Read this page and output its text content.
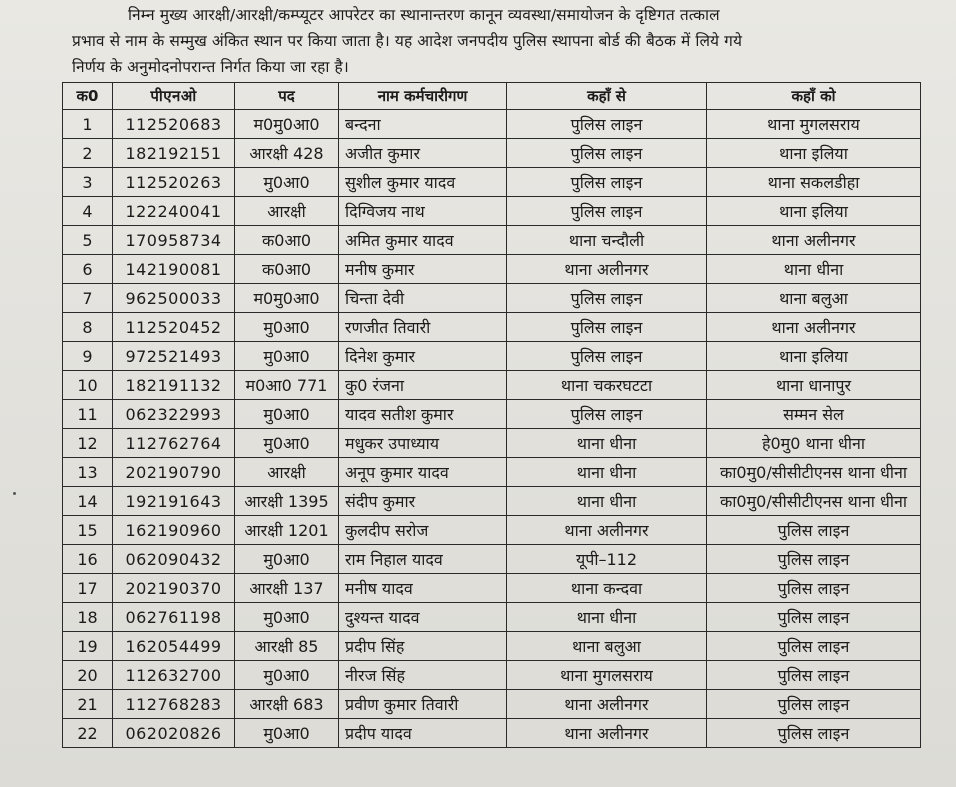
निम्न मुख्य आरक्षी/आरक्षी/कम्प्यूटर आपरेटर का स्थानान्तरण कानून व्यवस्था/समायोजन के दृष्टिगत तत्काल

प्रभाव से नाम के सम्मुख अंकित स्थान पर किया जाता है। यह आदेश जनपदीय पुलिस स्थापना बोर्ड की बैठक में लिये गये

निर्णय के अनुमोदनोपरान्त निर्गत किया जा रहा है।

क0	पीएनओ	पद	नाम कर्मचारीगण	कहाँ से	कहाँ को
1	112520683	म0मु0आ0	बन्दना	पुलिस लाइन	थाना मुगलसराय
2	182192151	आरक्षी 428	अजीत कुमार	पुलिस लाइन	थाना इलिया
3	112520263	मु0आ0	सुशील कुमार यादव	पुलिस लाइन	थाना सकलडीहा
4	122240041	आरक्षी	दिग्विजय नाथ	पुलिस लाइन	थाना इलिया
5	170958734	क0आ0	अमित कुमार यादव	थाना चन्दौली	थाना अलीनगर
6	142190081	क0आ0	मनीष कुमार	थाना अलीनगर	थाना धीना
7	962500033	म0मु0आ0	चिन्ता देवी	पुलिस लाइन	थाना बलुआ
8	112520452	मु0आ0	रणजीत तिवारी	पुलिस लाइन	थाना अलीनगर
9	972521493	मु0आ0	दिनेश कुमार	पुलिस लाइन	थाना इलिया
10	182191132	म0आ0 771	कु0 रंजना	थाना चकरघटटा	थाना धानापुर
11	062322993	मु0आ0	यादव सतीश कुमार	पुलिस लाइन	सम्मन सेल
12	112762764	मु0आ0	मधुकर उपाध्याय	थाना धीना	हे0मु0 थाना धीना
13	202190790	आरक्षी	अनूप कुमार यादव	थाना धीना	का0मु0/सीसीटीएनस थाना धीना
14	192191643	आरक्षी 1395	संदीप कुमार	थाना धीना	का0मु0/सीसीटीएनस थाना धीना
15	162190960	आरक्षी 1201	कुलदीप सरोज	थाना अलीनगर	पुलिस लाइन
16	062090432	मु0आ0	राम निहाल यादव	यूपी–112	पुलिस लाइन
17	202190370	आरक्षी 137	मनीष यादव	थाना कन्दवा	पुलिस लाइन
18	062761198	मु0आ0	दुश्यन्त यादव	थाना धीना	पुलिस लाइन
19	162054499	आरक्षी 85	प्रदीप सिंह	थाना बलुआ	पुलिस लाइन
20	112632700	मु0आ0	नीरज सिंह	थाना मुगलसराय	पुलिस लाइन
21	112768283	आरक्षी 683	प्रवीण कुमार तिवारी	थाना अलीनगर	पुलिस लाइन
22	062020826	मु0आ0	प्रदीप यादव	थाना अलीनगर	पुलिस लाइन
